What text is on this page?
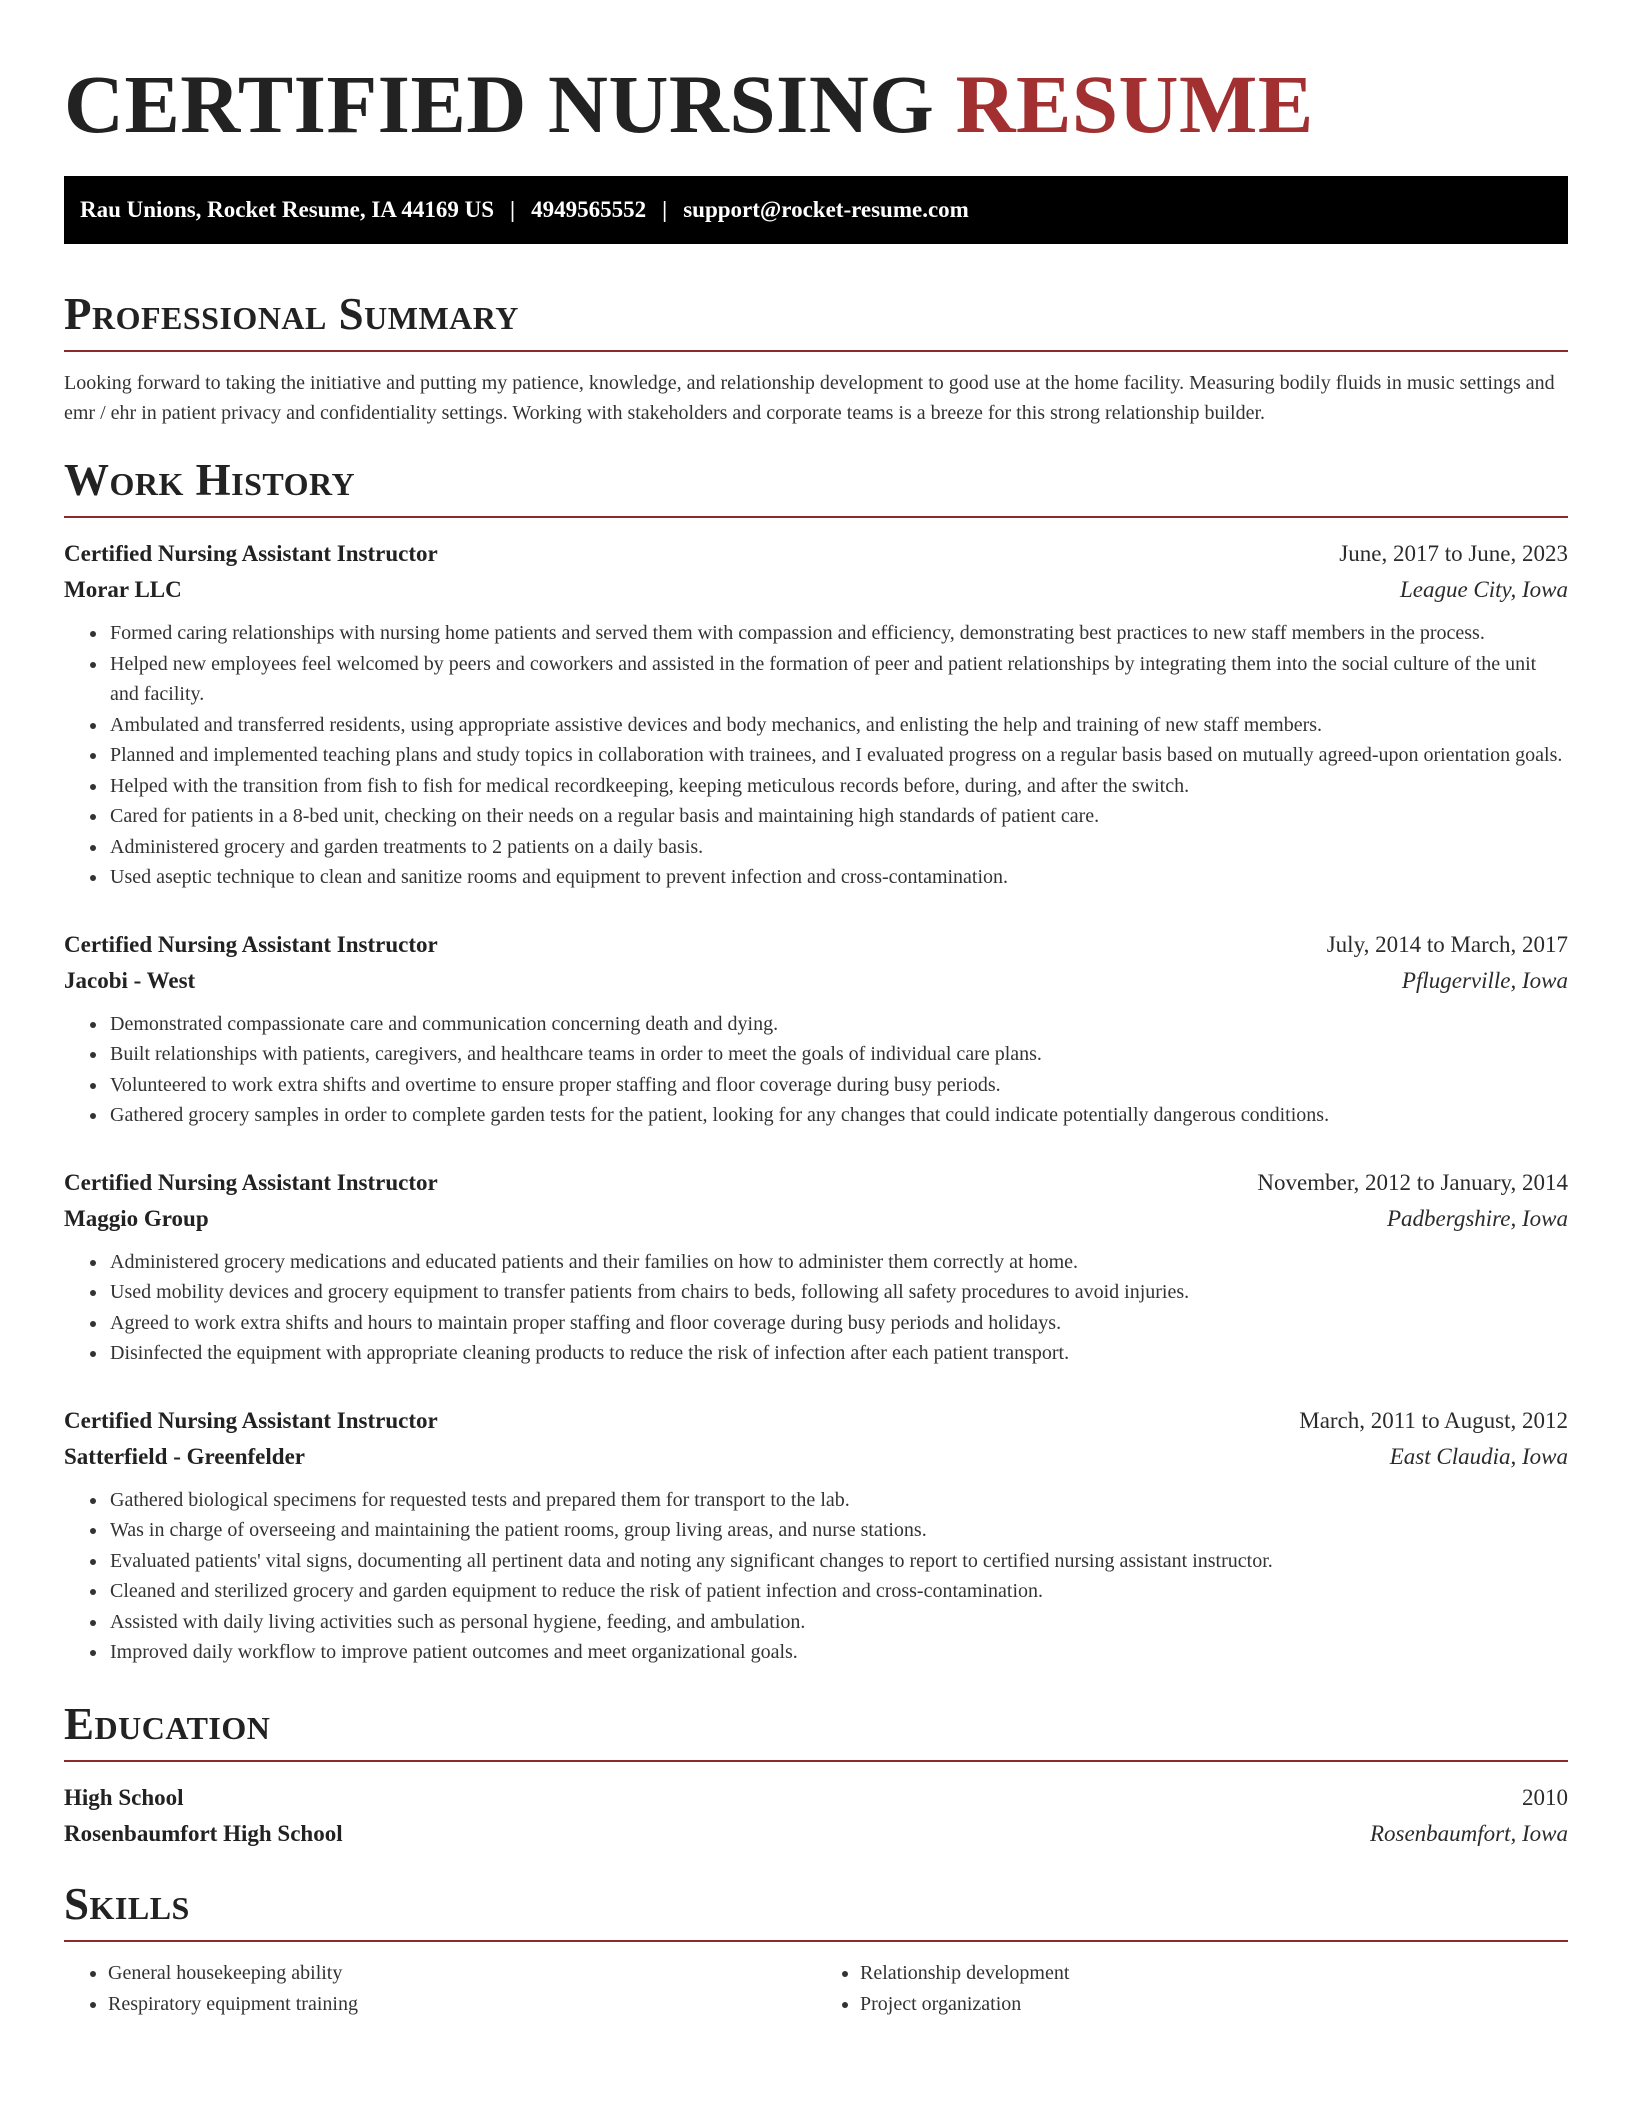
CERTIFIED NURSING RESUME
Rau Unions, Rocket Resume, IA 44169 US | 4949565552 | support@rocket-resume.com
Professional Summary

Looking forward to taking the initiative and putting my patience, knowledge, and relationship development to good use at the home facility. Measuring bodily fluids in music settings and emr / ehr in patient privacy and confidentiality settings. Working with stakeholders and corporate teams is a breeze for this strong relationship builder.

Work History
Certified Nursing Assistant Instructor	June, 2017 to June, 2023
Morar LLC	League City, Iowa
• Formed caring relationships with nursing home patients and served them with compassion and efficiency, demonstrating best practices to new staff members in the process.
• Helped new employees feel welcomed by peers and coworkers and assisted in the formation of peer and patient relationships by integrating them into the social culture of the unit and facility.
• Ambulated and transferred residents, using appropriate assistive devices and body mechanics, and enlisting the help and training of new staff members.
• Planned and implemented teaching plans and study topics in collaboration with trainees, and I evaluated progress on a regular basis based on mutually agreed-upon orientation goals.
• Helped with the transition from fish to fish for medical recordkeeping, keeping meticulous records before, during, and after the switch.
• Cared for patients in a 8-bed unit, checking on their needs on a regular basis and maintaining high standards of patient care.
• Administered grocery and garden treatments to 2 patients on a daily basis.
• Used aseptic technique to clean and sanitize rooms and equipment to prevent infection and cross-contamination.
Certified Nursing Assistant Instructor	July, 2014 to March, 2017
Jacobi - West	Pflugerville, Iowa
• Demonstrated compassionate care and communication concerning death and dying.
• Built relationships with patients, caregivers, and healthcare teams in order to meet the goals of individual care plans.
• Volunteered to work extra shifts and overtime to ensure proper staffing and floor coverage during busy periods.
• Gathered grocery samples in order to complete garden tests for the patient, looking for any changes that could indicate potentially dangerous conditions.
Certified Nursing Assistant Instructor	November, 2012 to January, 2014
Maggio Group	Padbergshire, Iowa
• Administered grocery medications and educated patients and their families on how to administer them correctly at home.
• Used mobility devices and grocery equipment to transfer patients from chairs to beds, following all safety procedures to avoid injuries.
• Agreed to work extra shifts and hours to maintain proper staffing and floor coverage during busy periods and holidays.
• Disinfected the equipment with appropriate cleaning products to reduce the risk of infection after each patient transport.
Certified Nursing Assistant Instructor	March, 2011 to August, 2012
Satterfield - Greenfelder	East Claudia, Iowa
• Gathered biological specimens for requested tests and prepared them for transport to the lab.
• Was in charge of overseeing and maintaining the patient rooms, group living areas, and nurse stations.
• Evaluated patients' vital signs, documenting all pertinent data and noting any significant changes to report to certified nursing assistant instructor.
• Cleaned and sterilized grocery and garden equipment to reduce the risk of patient infection and cross-contamination.
• Assisted with daily living activities such as personal hygiene, feeding, and ambulation.
• Improved daily workflow to improve patient outcomes and meet organizational goals.
Education
High School	2010
Rosenbaumfort High School	Rosenbaumfort, Iowa
Skills
• General housekeeping ability
• Respiratory equipment training
• Relationship development
• Project organization
